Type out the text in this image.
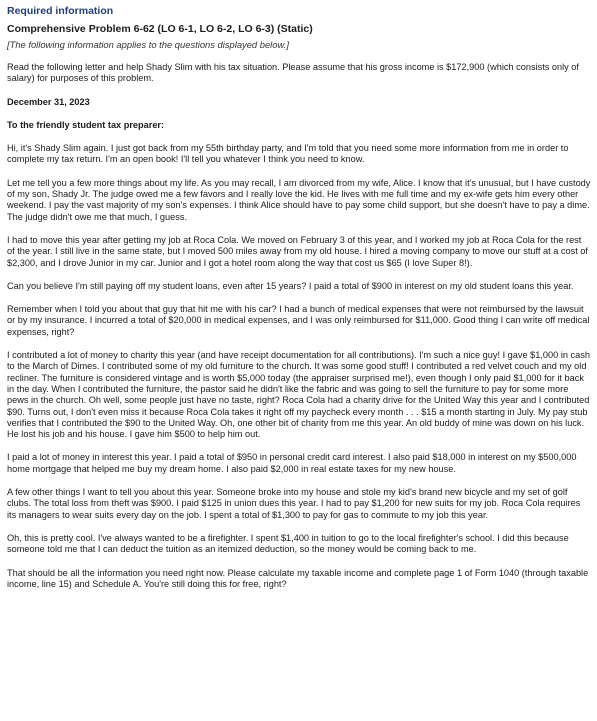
Required information
Comprehensive Problem 6-62 (LO 6-1, LO 6-2, LO 6-3) (Static)
[The following information applies to the questions displayed below.]

Read the following letter and help Shady Slim with his tax situation. Please assume that his gross income is $172,900 (which consists only of salary) for purposes of this problem.

December 31, 2023

To the friendly student tax preparer:

Hi, it's Shady Slim again. I just got back from my 55th birthday party, and I'm told that you need some more information from me in order to complete my tax return. I'm an open book! I'll tell you whatever I think you need to know.

Let me tell you a few more things about my life. As you may recall, I am divorced from my wife, Alice. I know that it's unusual, but I have custody of my son, Shady Jr. The judge owed me a few favors and I really love the kid. He lives with me full time and my ex-wife gets him every other weekend. I pay the vast majority of my son's expenses. I think Alice should have to pay some child support, but she doesn't have to pay a dime. The judge didn't owe me that much, I guess.

I had to move this year after getting my job at Roca Cola. We moved on February 3 of this year, and I worked my job at Roca Cola for the rest of the year. I still live in the same state, but I moved 500 miles away from my old house. I hired a moving company to move our stuff at a cost of $2,300, and I drove Junior in my car. Junior and I got a hotel room along the way that cost us $65 (I love Super 8!).

Can you believe I'm still paying off my student loans, even after 15 years? I paid a total of $900 in interest on my old student loans this year.

Remember when I told you about that guy that hit me with his car? I had a bunch of medical expenses that were not reimbursed by the lawsuit or by my insurance. I incurred a total of $20,000 in medical expenses, and I was only reimbursed for $11,000. Good thing I can write off medical expenses, right?

I contributed a lot of money to charity this year (and have receipt documentation for all contributions). I'm such a nice guy! I gave $1,000 in cash to the March of Dimes. I contributed some of my old furniture to the church. It was some good stuff! I contributed a red velvet couch and my old recliner. The furniture is considered vintage and is worth $5,000 today (the appraiser surprised me!), even though I only paid $1,000 for it back in the day. When I contributed the furniture, the pastor said he didn't like the fabric and was going to sell the furniture to pay for some more pews in the church. Oh well, some people just have no taste, right? Roca Cola had a charity drive for the United Way this year and I contributed $90. Turns out, I don't even miss it because Roca Cola takes it right off my paycheck every month . . . $15 a month starting in July. My pay stub verifies that I contributed the $90 to the United Way. Oh, one other bit of charity from me this year. An old buddy of mine was down on his luck. He lost his job and his house. I gave him $500 to help him out.

I paid a lot of money in interest this year. I paid a total of $950 in personal credit card interest. I also paid $18,000 in interest on my $500,000 home mortgage that helped me buy my dream home. I also paid $2,000 in real estate taxes for my new house.

A few other things I want to tell you about this year. Someone broke into my house and stole my kid's brand new bicycle and my set of golf clubs. The total loss from theft was $900. I paid $125 in union dues this year. I had to pay $1,200 for new suits for my job. Roca Cola requires its managers to wear suits every day on the job. I spent a total of $1,300 to pay for gas to commute to my job this year.

Oh, this is pretty cool. I've always wanted to be a firefighter. I spent $1,400 in tuition to go to the local firefighter's school. I did this because someone told me that I can deduct the tuition as an itemized deduction, so the money would be coming back to me.

That should be all the information you need right now. Please calculate my taxable income and complete page 1 of Form 1040 (through taxable income, line 15) and Schedule A. You're still doing this for free, right?
